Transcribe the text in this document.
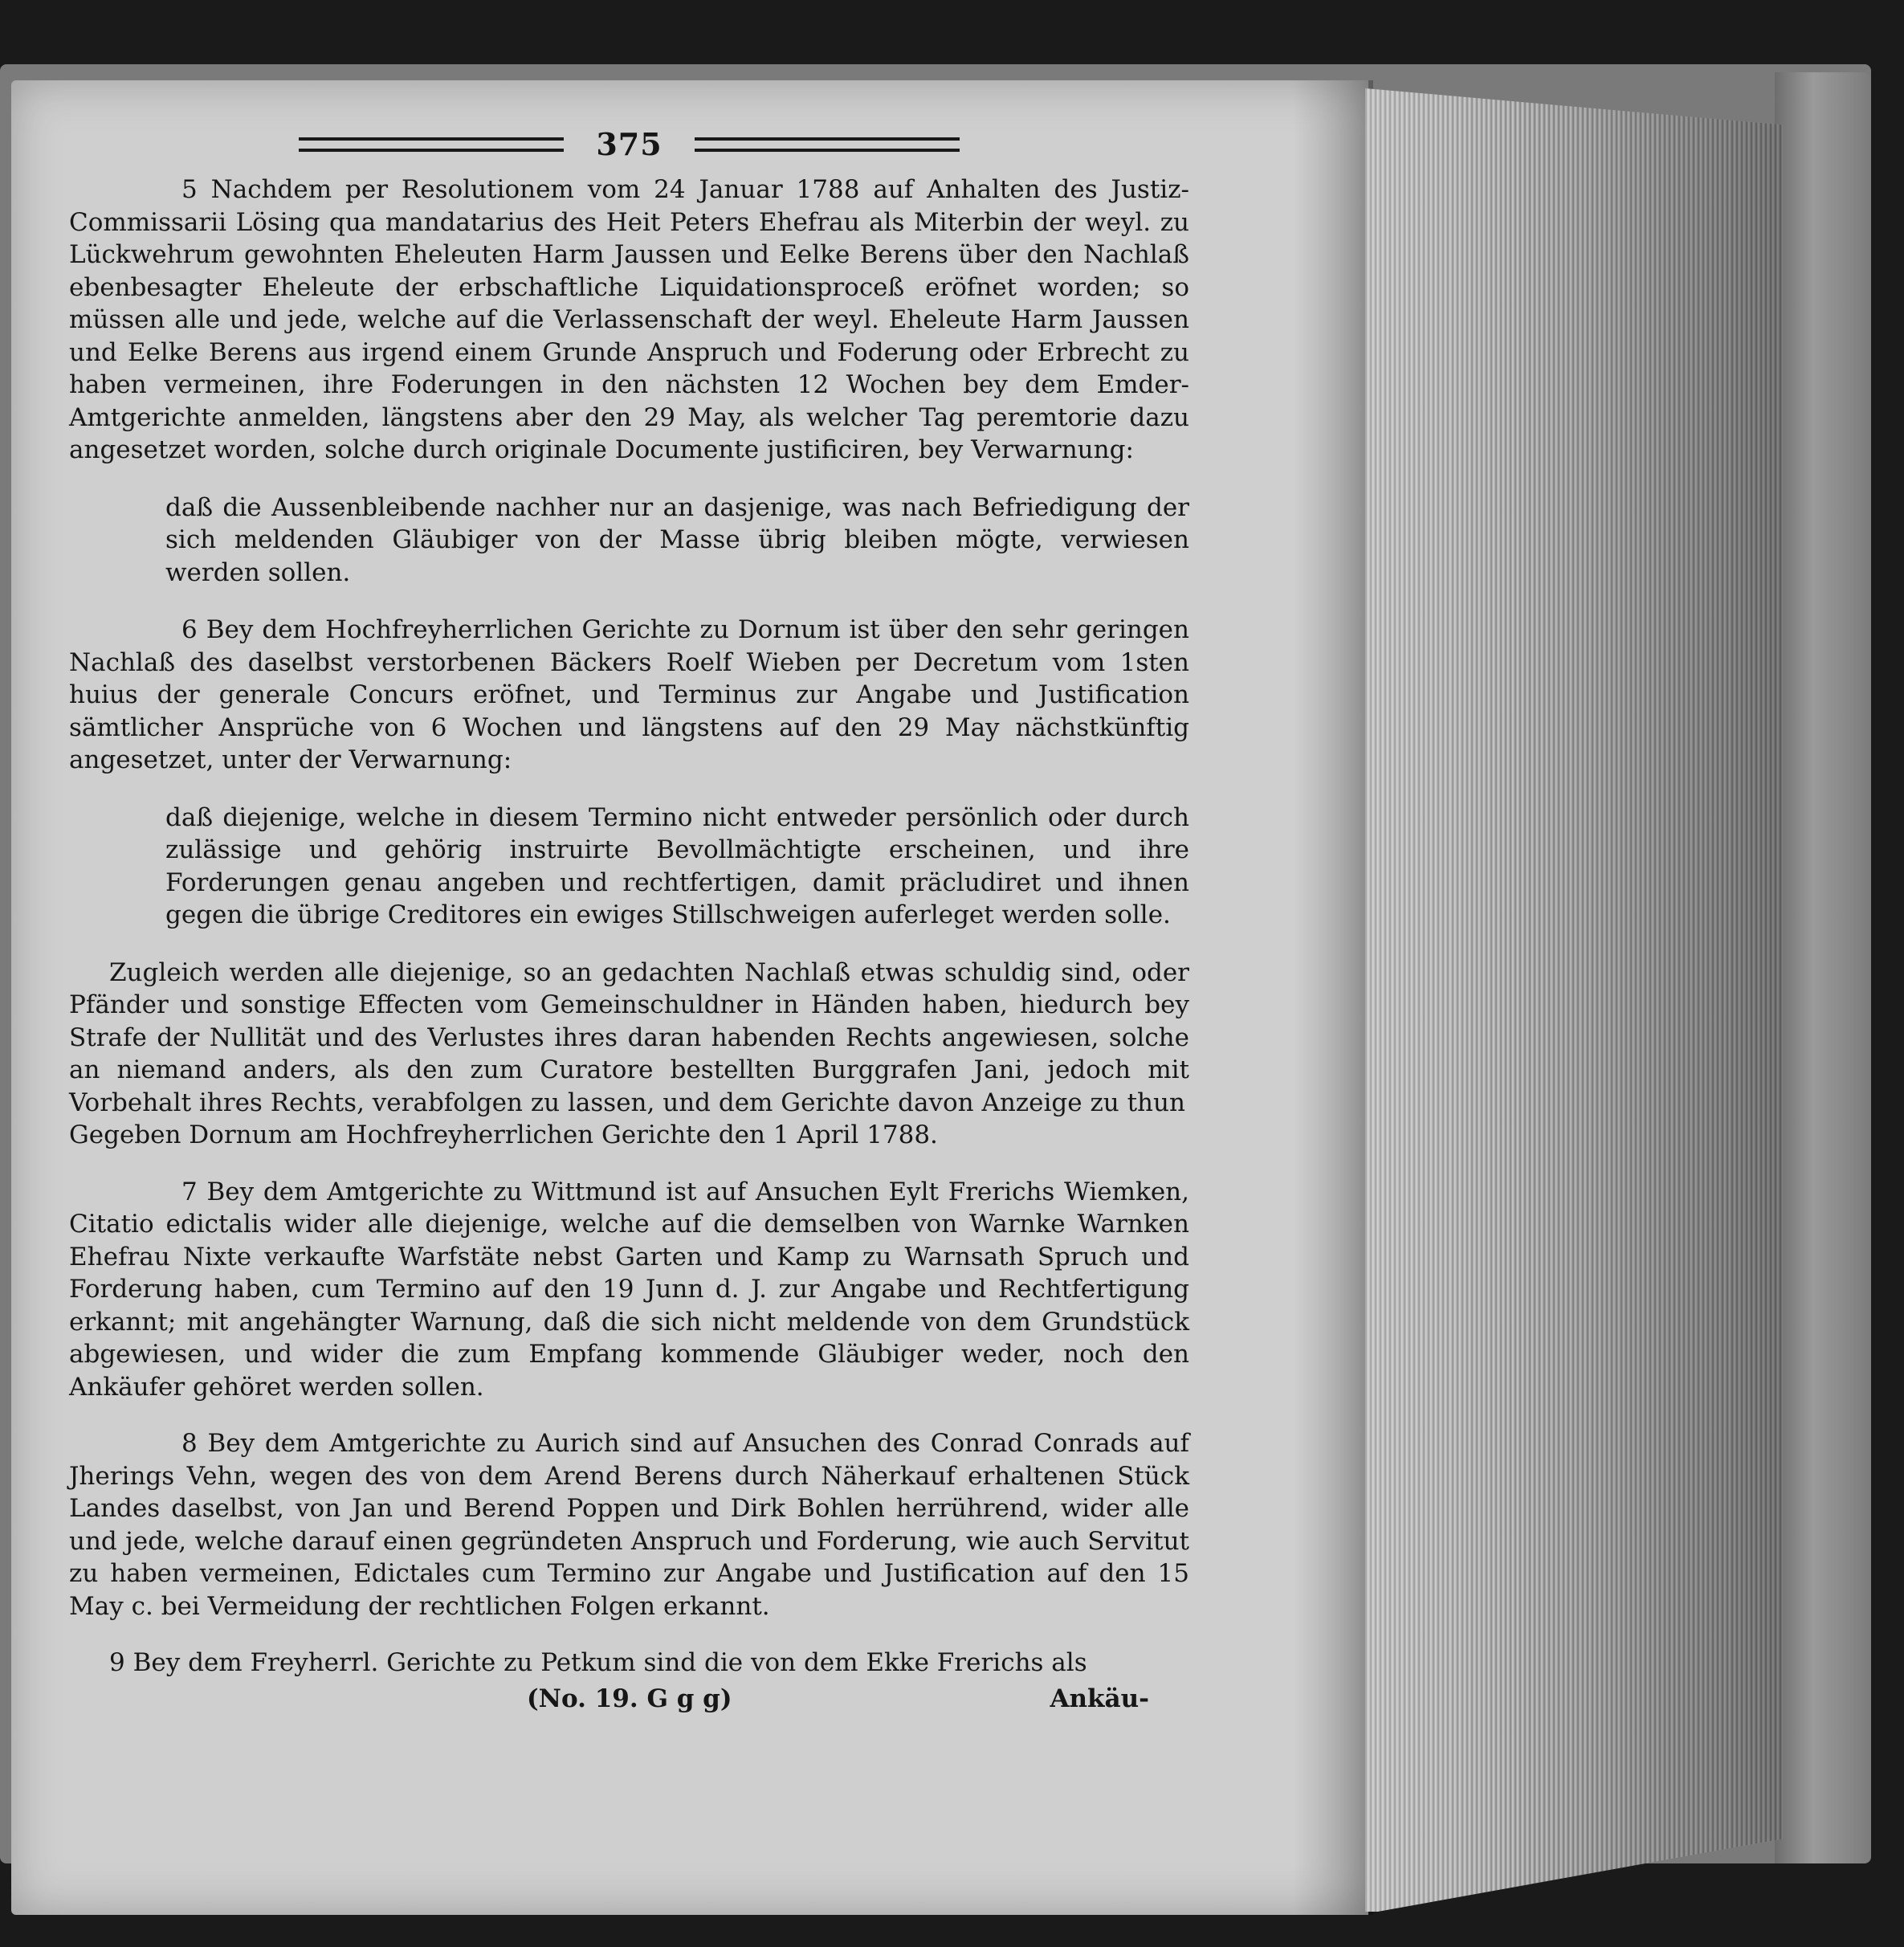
375

5 Nachdem per Resolutionem vom 24 Januar 1788 auf Anhalten des Justiz-Commissarii Lösing qua mandatarius des Heit Peters Ehefrau als Miterbin der weyl. zu Lückwehrum gewohnten Eheleuten Harm Jaussen und Eelke Berens über den Nachlaß ebenbesagter Eheleute der erbschaftliche Liquidationsproceß eröfnet worden; so müssen alle und jede, welche auf die Verlassenschaft der weyl. Eheleute Harm Jaussen und Eelke Berens aus irgend einem Grunde Anspruch und Foderung oder Erbrecht zu haben vermeinen, ihre Foderungen in den nächsten 12 Wochen bey dem Emder-Amtgerichte anmelden, längstens aber den 29 May, als welcher Tag peremtorie dazu angesetzet worden, solche durch originale Documente justificiren, bey Verwarnung:

daß die Aussenbleibende nachher nur an dasjenige, was nach Befriedigung der sich meldenden Gläubiger von der Masse übrig bleiben mögte, verwiesen werden sollen.

6 Bey dem Hochfreyherrlichen Gerichte zu Dornum ist über den sehr geringen Nachlaß des daselbst verstorbenen Bäckers Roelf Wieben per Decretum vom 1sten huius der generale Concurs eröfnet, und Terminus zur Angabe und Justification sämtlicher Ansprüche von 6 Wochen und längstens auf den 29 May nächstkünftig angesetzet, unter der Verwarnung:

daß diejenige, welche in diesem Termino nicht entweder persönlich oder durch zulässige und gehörig instruirte Bevollmächtigte erscheinen, und ihre Forderungen genau angeben und rechtfertigen, damit präcludiret und ihnen gegen die übrige Creditores ein ewiges Stillschweigen auferleget werden solle.

Zugleich werden alle diejenige, so an gedachten Nachlaß etwas schuldig sind, oder Pfänder und sonstige Effecten vom Gemeinschuldner in Händen haben, hiedurch bey Strafe der Nullität und des Verlustes ihres daran habenden Rechts angewiesen, solche an niemand anders, als den zum Curatore bestellten Burggrafen Jani, jedoch mit Vorbehalt ihres Rechts, verabfolgen zu lassen, und dem Gerichte davon Anzeige zu thun

Gegeben Dornum am Hochfreyherrlichen Gerichte den 1 April 1788.

7 Bey dem Amtgerichte zu Wittmund ist auf Ansuchen Eylt Frerichs Wiemken, Citatio edictalis wider alle diejenige, welche auf die demselben von Warnke Warnken Ehefrau Nixte verkaufte Warfstäte nebst Garten und Kamp zu Warnsath Spruch und Forderung haben, cum Termino auf den 19 Junn d. J. zur Angabe und Rechtfertigung erkannt; mit angehängter Warnung, daß die sich nicht meldende von dem Grundstück abgewiesen, und wider die zum Empfang kommende Gläubiger weder, noch den Ankäufer gehöret werden sollen.

8 Bey dem Amtgerichte zu Aurich sind auf Ansuchen des Conrad Conrads auf Jherings Vehn, wegen des von dem Arend Berens durch Näherkauf erhaltenen Stück Landes daselbst, von Jan und Berend Poppen und Dirk Bohlen herrührend, wider alle und jede, welche darauf einen gegründeten Anspruch und Forderung, wie auch Servitut zu haben vermeinen, Edictales cum Termino zur Angabe und Justification auf den 15 May c. bei Vermeidung der rechtlichen Folgen erkannt.

9 Bey dem Freyherrl. Gerichte zu Petkum sind die von dem Ekke Frerichs als

(No. 19. G g g)	Ankäu-
